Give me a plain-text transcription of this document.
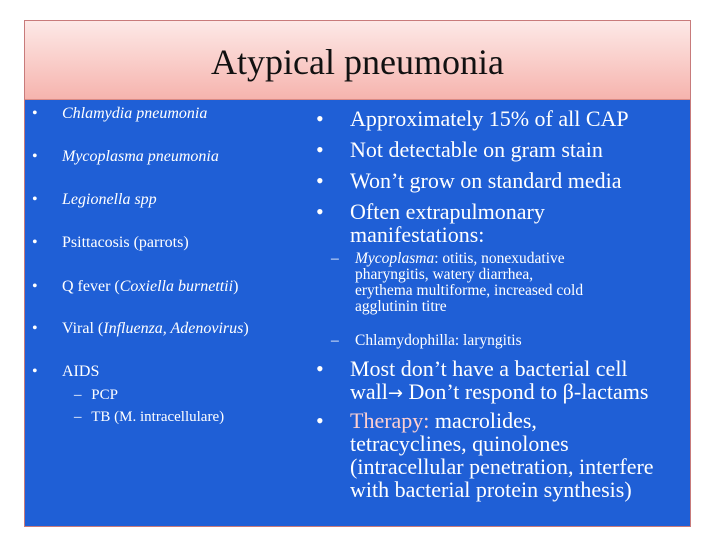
Atypical pneumonia
• Chlamydia pneumonia
• Mycoplasma pneumonia
• Legionella spp
• Psittacosis (parrots)
• Q fever (Coxiella burnettii)
• Viral (Influenza, Adenovirus)
• AIDS
– PCP
– TB (M. intracellulare)
• Approximately 15% of all CAP
• Not detectable on gram stain
• Won’t grow on standard media
• Often extrapulmonary
manifestations:
– Mycoplasma: otitis, nonexudative
pharyngitis, watery diarrhea,
erythema multiforme, increased cold
agglutinin titre
– Chlamydophilla: laryngitis
• Most don’t have a bacterial cell
wall→ Don’t respond to β-lactams
• Therapy: macrolides,
tetracyclines, quinolones
(intracellular penetration, interfere
with bacterial protein synthesis)
